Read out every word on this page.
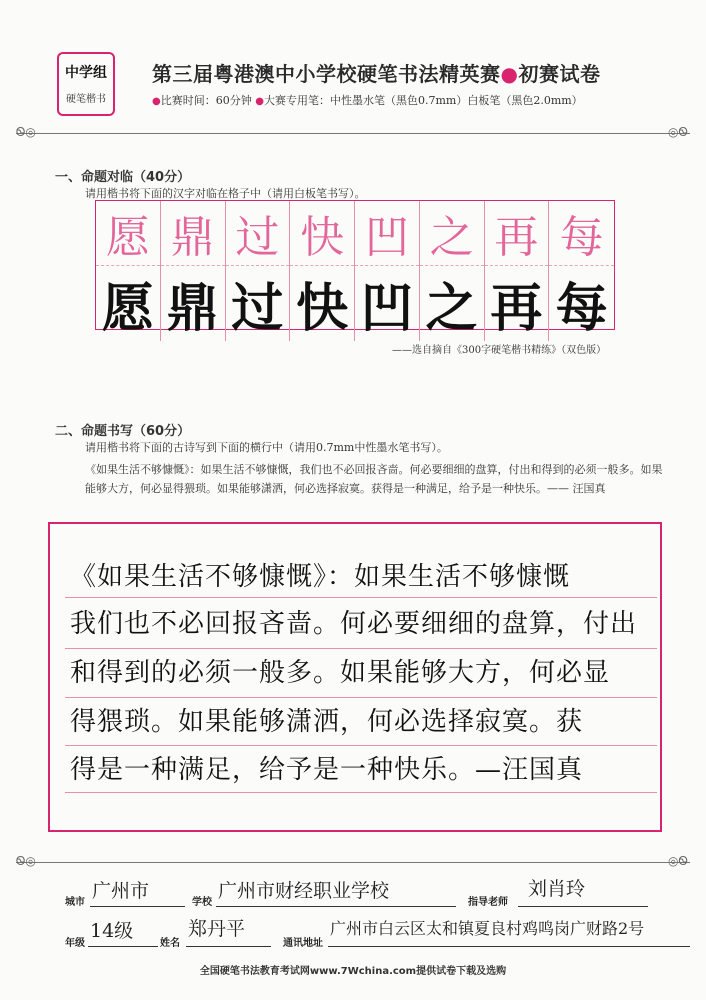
中学组
硬笔楷书
第三届粤港澳中小学校硬笔书法精英赛●初赛试卷
●比赛时间：60分钟 ●大赛专用笔：中性墨水笔（黑色0.7mm）白板笔（黑色2.0mm）
Ꮻ◎	◎Ꮻ
一、命题对临（40分）
请用楷书将下面的汉字对临在格子中（请用白板笔书写）。
愿
愿
鼎
鼎
过
过
快
快
凹
凹
之
之
再
再
每
每
——选自摘自《300字硬笔楷书精练》（双色版）
二、命题书写（60分）
请用楷书将下面的古诗写到下面的横行中（请用0.7mm中性墨水笔书写）。
《如果生活不够慷慨》：如果生活不够慷慨，我们也不必回报吝啬。何必要细细的盘算，付出和得到的必须一般多。如果能够大方，何必显得猥琐。如果能够潇洒，何必选择寂寞。获得是一种满足，给予是一种快乐。—— 汪国真
《如果生活不够慷慨》：如果生活不够慷慨
我们也不必回报吝啬。何必要细细的盘算，付出
和得到的必须一般多。如果能够大方，何必显
得猥琐。如果能够潇洒，何必选择寂寞。获
得是一种满足，给予是一种快乐。—汪国真
Ꮻ◎	◎Ꮻ
城市
广州市
学校
广州市财经职业学校
指导老师
刘肖玲
年级
14级
姓名
郑丹平
通讯地址
广州市白云区太和镇夏良村鸡鸣岗广财路2号
全国硬笔书法教育考试网www.7Wchina.com提供试卷下载及选购
